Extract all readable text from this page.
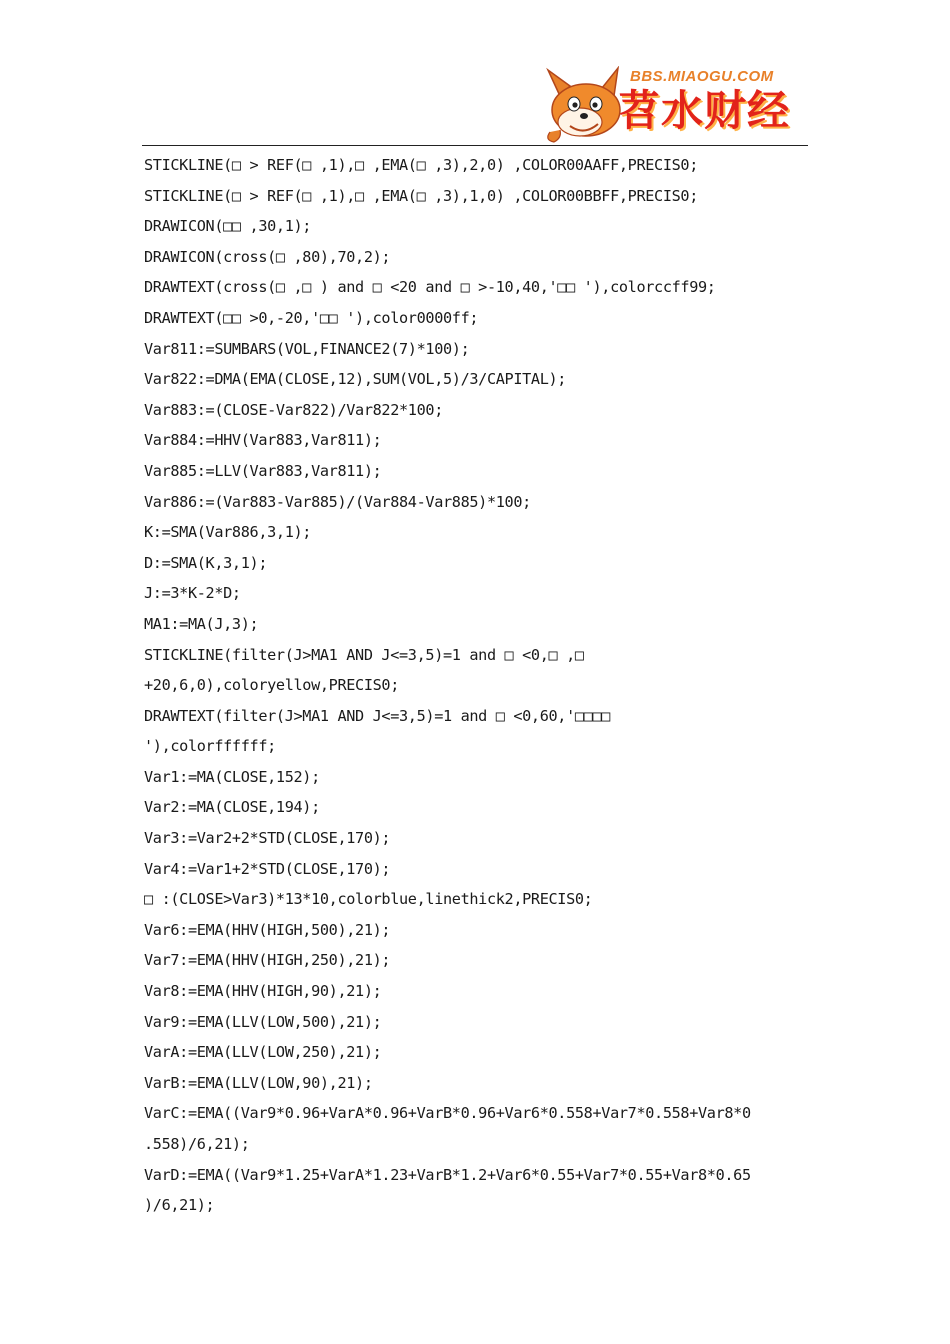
BBS.MIAOGU.COM
苕水财经
STICKLINE(□ > REF(□ ,1),□ ,EMA(□ ,3),2,0) ,COLOR00AAFF,PRECIS0;
STICKLINE(□ > REF(□ ,1),□ ,EMA(□ ,3),1,0) ,COLOR00BBFF,PRECIS0;
DRAWICON(□□ ,30,1);
DRAWICON(cross(□ ,80),70,2);
DRAWTEXT(cross(□ ,□ ) and □ <20 and □ >-10,40,'□□ '),colorccff99;
DRAWTEXT(□□ >0,-20,'□□ '),color0000ff;
Var811:=SUMBARS(VOL,FINANCE2(7)*100);
Var822:=DMA(EMA(CLOSE,12),SUM(VOL,5)/3/CAPITAL);
Var883:=(CLOSE-Var822)/Var822*100;
Var884:=HHV(Var883,Var811);
Var885:=LLV(Var883,Var811);
Var886:=(Var883-Var885)/(Var884-Var885)*100;
K:=SMA(Var886,3,1);
D:=SMA(K,3,1);
J:=3*K-2*D;
MA1:=MA(J,3);
STICKLINE(filter(J>MA1 AND J<=3,5)=1 and □ <0,□ ,□
+20,6,0),coloryellow,PRECIS0;
DRAWTEXT(filter(J>MA1 AND J<=3,5)=1 and □ <0,60,'□□□□
'),colorffffff;
Var1:=MA(CLOSE,152);
Var2:=MA(CLOSE,194);
Var3:=Var2+2*STD(CLOSE,170);
Var4:=Var1+2*STD(CLOSE,170);
□ :(CLOSE>Var3)*13*10,colorblue,linethick2,PRECIS0;
Var6:=EMA(HHV(HIGH,500),21);
Var7:=EMA(HHV(HIGH,250),21);
Var8:=EMA(HHV(HIGH,90),21);
Var9:=EMA(LLV(LOW,500),21);
VarA:=EMA(LLV(LOW,250),21);
VarB:=EMA(LLV(LOW,90),21);
VarC:=EMA((Var9*0.96+VarA*0.96+VarB*0.96+Var6*0.558+Var7*0.558+Var8*0
.558)/6,21);
VarD:=EMA((Var9*1.25+VarA*1.23+VarB*1.2+Var6*0.55+Var7*0.55+Var8*0.65
)/6,21);
